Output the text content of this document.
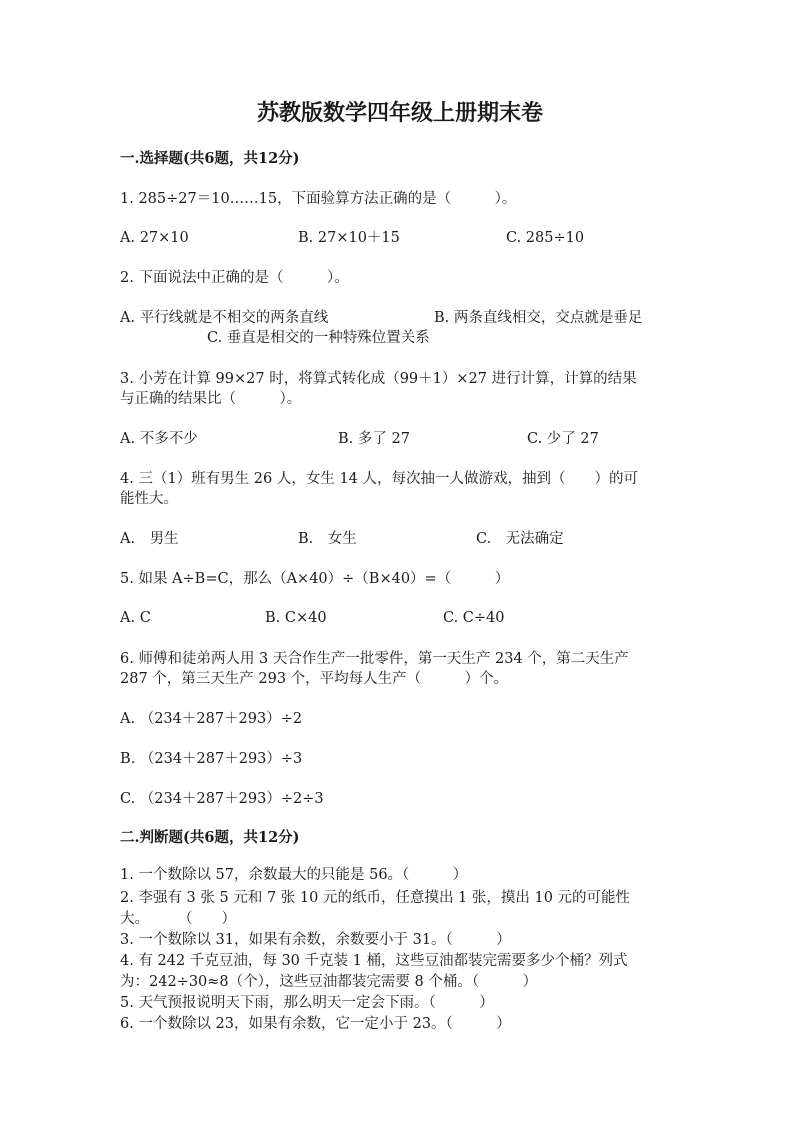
苏教版数学四年级上册期末卷
一.选择题(共6题，共12分)
1. 285÷27＝10……15，下面验算方法正确的是（　　　）。
A. 27×10	B. 27×10＋15	C. 285÷10
2. 下面说法中正确的是（　　　）。
A. 平行线就是不相交的两条直线	B. 两条直线相交，交点就是垂足
C. 垂直是相交的一种特殊位置关系
3. 小芳在计算 99×27 时，将算式转化成（99＋1）×27 进行计算，计算的结果
与正确的结果比（　　　）。
A. 不多不少	B. 多了 27	C. 少了 27
4. 三（1）班有男生 26 人，女生 14 人，每次抽一人做游戏，抽到（　　）的可
能性大。
A.　男生	B.　女生	C.　无法确定
5. 如果 A÷B=C，那么（A×40）÷（B×40）=（　　　）
A. C	B. C×40	C. C÷40
6. 师傅和徒弟两人用 3 天合作生产一批零件，第一天生产 234 个，第二天生产
287 个，第三天生产 293 个，平均每人生产（　　　）个。
A. （234＋287＋293）÷2
B. （234＋287＋293）÷3
C. （234＋287＋293）÷2÷3
二.判断题(共6题，共12分)
1. 一个数除以 57，余数最大的只能是 56。（　　　）
2. 李强有 3 张 5 元和 7 张 10 元的纸币，任意摸出 1 张，摸出 10 元的可能性
大。　　　（　　）
3. 一个数除以 31，如果有余数，余数要小于 31。（　　　）
4. 有 242 千克豆油，每 30 千克装 1 桶，这些豆油都装完需要多少个桶？列式
为：242÷30≈8（个），这些豆油都装完需要 8 个桶。（　　　）
5. 天气预报说明天下雨，那么明天一定会下雨。（　　　）
6. 一个数除以 23，如果有余数，它一定小于 23。（　　　）
